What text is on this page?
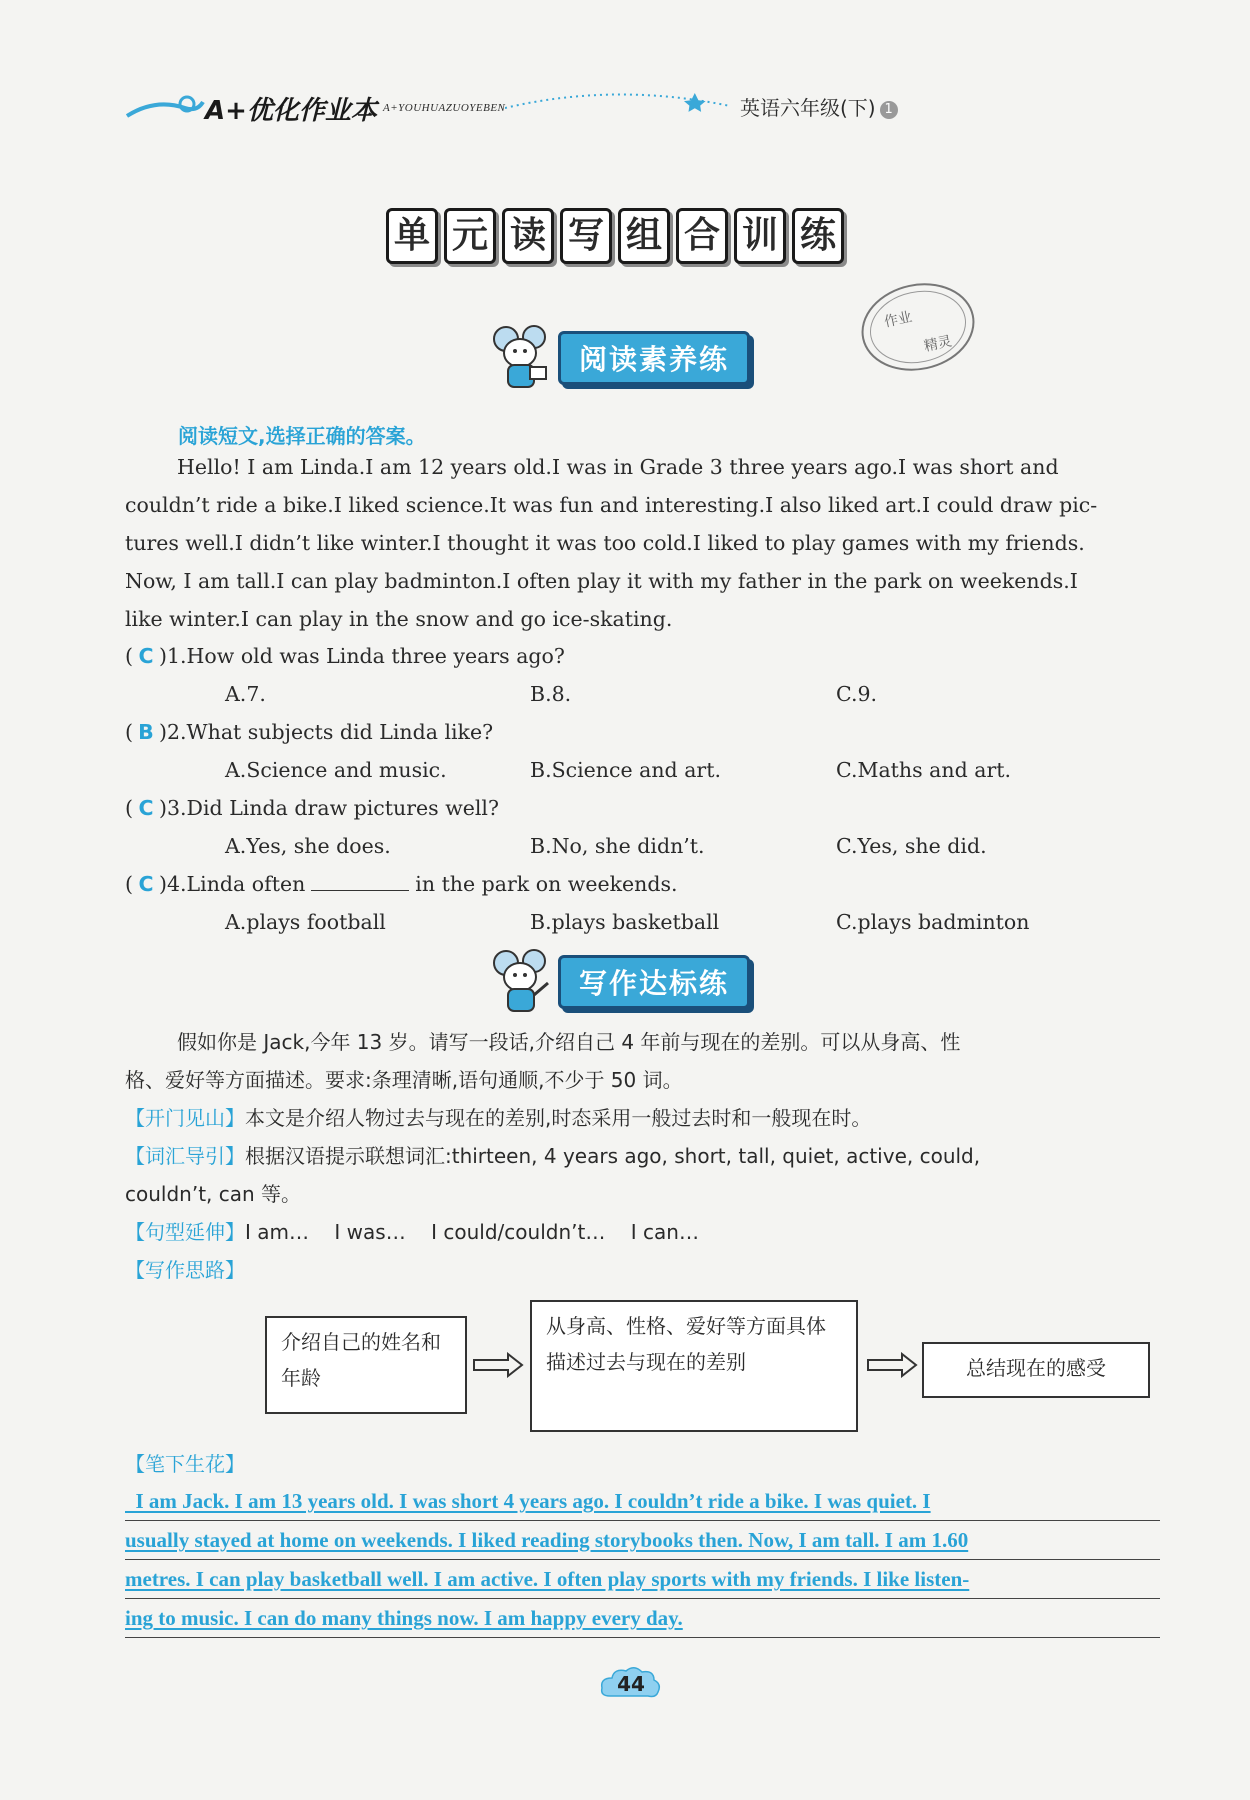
A+优化作业本 A+YOUHUAZUOYEBEN	英语六年级(下) 1
单 元 读 写 组 合 训 练
作业
精灵
阅读素养练
阅读短文,选择正确的答案。
Hello! I am Linda.I am 12 years old.I was in Grade 3 three years ago.I was short and
couldn’t ride a bike.I liked science.It was fun and interesting.I also liked art.I could draw pic-
tures well.I didn’t like winter.I thought it was too cold.I liked to play games with my friends.
Now, I am tall.I can play badminton.I often play it with my father in the park on weekends.I
like winter.I can play in the snow and go ice-skating.
( C )1.How old was Linda three years ago?
A.7.	B.8.	C.9.
( B )2.What subjects did Linda like?
A.Science and music.	B.Science and art.	C.Maths and art.
( C )3.Did Linda draw pictures well?
A.Yes, she does.	B.No, she didn’t.	C.Yes, she did.
( C )4.Linda often	in the park on weekends.
A.plays football	B.plays basketball	C.plays badminton
写作达标练
假如你是 Jack,今年 13 岁。请写一段话,介绍自己 4 年前与现在的差别。可以从身高、性
格、爱好等方面描述。要求:条理清晰,语句通顺,不少于 50 词。
【开门见山】本文是介绍人物过去与现在的差别,时态采用一般过去时和一般现在时。
【词汇导引】根据汉语提示联想词汇:thirteen, 4 years ago, short, tall, quiet, active, could,
couldn’t, can 等。
【句型延伸】I am…    I was…    I could/couldn’t…    I can…
【写作思路】
介绍自己的姓名和年龄
从身高、性格、爱好等方面具体描述过去与现在的差别	总结现在的感受
【笔下生花】
I am Jack. I am 13 years old. I was short 4 years ago. I couldn’t ride a bike. I was quiet. I
usually stayed at home on weekends. I liked reading storybooks then. Now, I am tall. I am 1.60
metres. I can play basketball well. I am active. I often play sports with my friends. I like listen-
ing to music. I can do many things now. I am happy every day.
44
